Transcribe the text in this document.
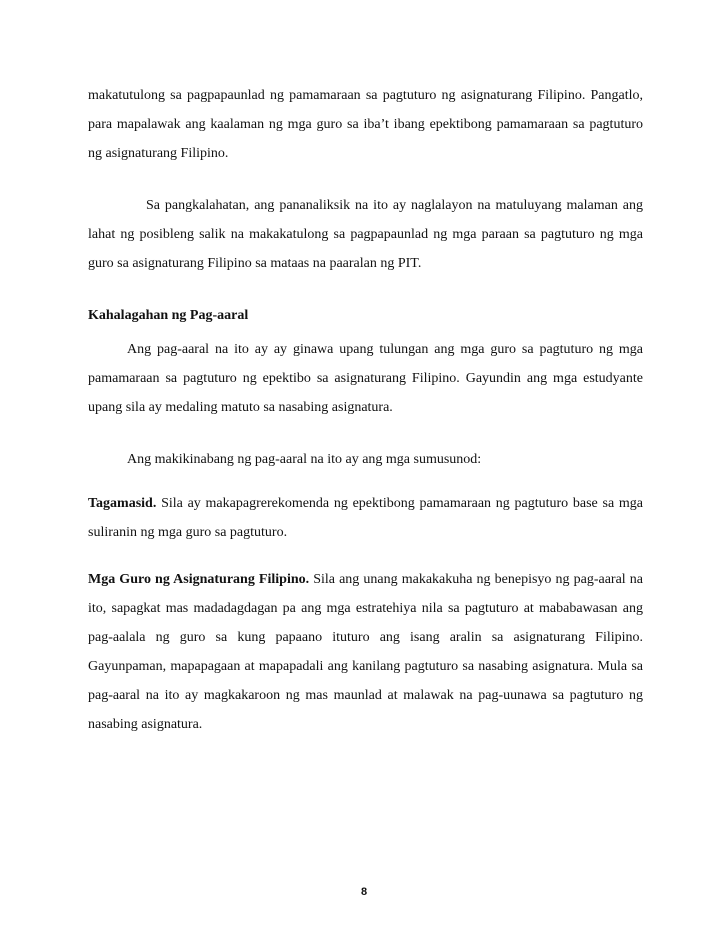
makatutulong sa pagpapaunlad ng pamamaraan sa pagtuturo ng asignaturang Filipino. Pangatlo, para mapalawak ang kaalaman ng mga guro sa iba’t ibang epektibong pamamaraan sa pagtuturo ng asignaturang Filipino.
Sa pangkalahatan, ang pananaliksik na ito ay naglalayon na matuluyang malaman ang lahat ng posibleng salik na makakatulong sa pagpapaunlad ng mga paraan sa pagtuturo ng mga guro sa asignaturang Filipino sa mataas na paaralan ng PIT.
Kahalagahan ng Pag-aaral
Ang pag-aaral na ito ay ay ginawa upang tulungan ang mga guro sa pagtuturo ng mga pamamaraan sa pagtuturo ng epektibo sa asignaturang Filipino. Gayundin ang mga estudyante upang sila ay medaling matuto sa nasabing asignatura.
Ang makikinabang ng pag-aaral na ito ay ang mga sumusunod:
Tagamasid. Sila ay makapagrerekomenda ng epektibong pamamaraan ng pagtuturo base sa mga suliranin ng mga guro sa pagtuturo.
Mga Guro ng Asignaturang Filipino. Sila ang unang makakakuha ng benepisyo ng pag-aaral na ito, sapagkat mas madadagdagan pa ang mga estratehiya nila sa pagtuturo at mababawasan ang pag-aalala ng guro sa kung papaano ituturo ang isang aralin sa asignaturang Filipino. Gayunpaman, mapapagaan at mapapadali ang kanilang pagtuturo sa nasabing asignatura. Mula sa pag-aaral na ito ay magkakaroon ng mas maunlad at malawak na pag-uunawa sa pagtuturo ng nasabing asignatura.
8
